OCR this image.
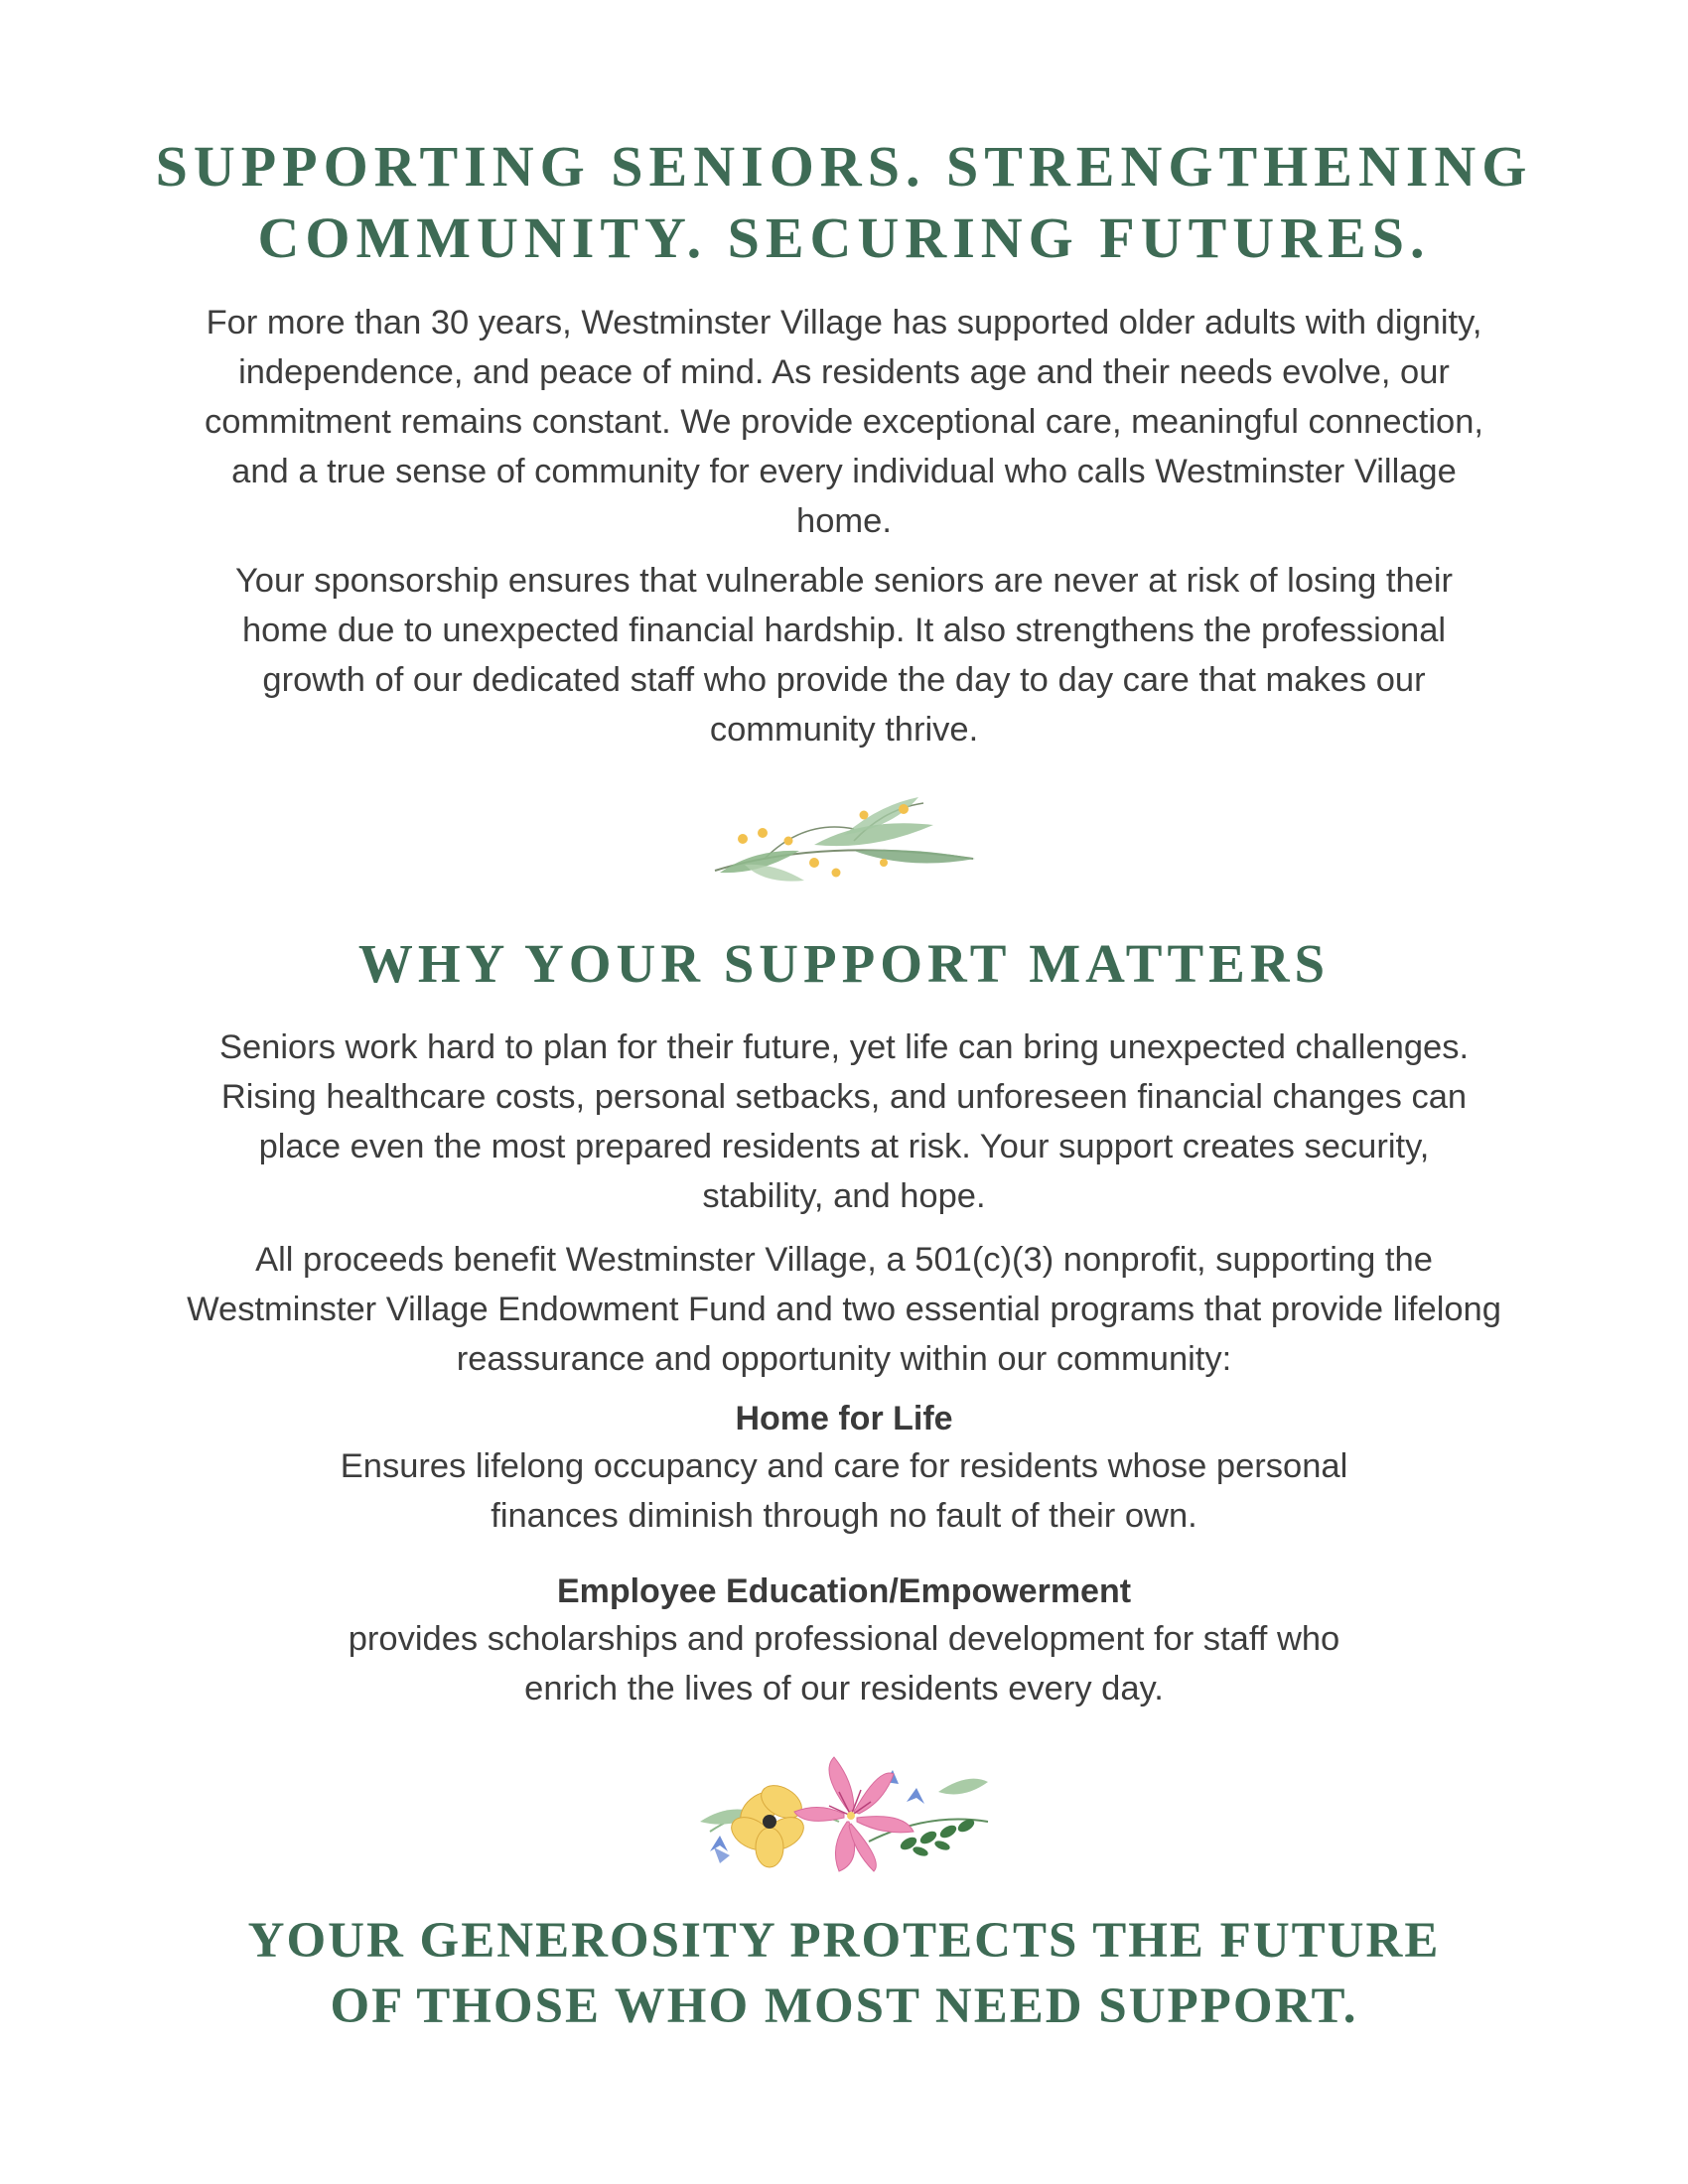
SUPPORTING SENIORS. STRENGTHENING
COMMUNITY. SECURING FUTURES.

For more than 30 years, Westminster Village has supported older adults with dignity, independence, and peace of mind. As residents age and their needs evolve, our commitment remains constant. We provide exceptional care, meaningful connection, and a true sense of community for every individual who calls Westminster Village home.

Your sponsorship ensures that vulnerable seniors are never at risk of losing their home due to unexpected financial hardship. It also strengthens the professional growth of our dedicated staff who provide the day to day care that makes our community thrive.

WHY YOUR SUPPORT MATTERS

Seniors work hard to plan for their future, yet life can bring unexpected challenges. Rising healthcare costs, personal setbacks, and unforeseen financial changes can place even the most prepared residents at risk. Your support creates security, stability, and hope.

All proceeds benefit Westminster Village, a 501(c)(3) nonprofit, supporting the Westminster Village Endowment Fund and two essential programs that provide lifelong reassurance and opportunity within our community:

Home for Life

Ensures lifelong occupancy and care for residents whose personal finances diminish through no fault of their own.

Employee Education/Empowerment

provides scholarships and professional development for staff who enrich the lives of our residents every day.

YOUR GENEROSITY PROTECTS THE FUTURE
OF THOSE WHO MOST NEED SUPPORT.
